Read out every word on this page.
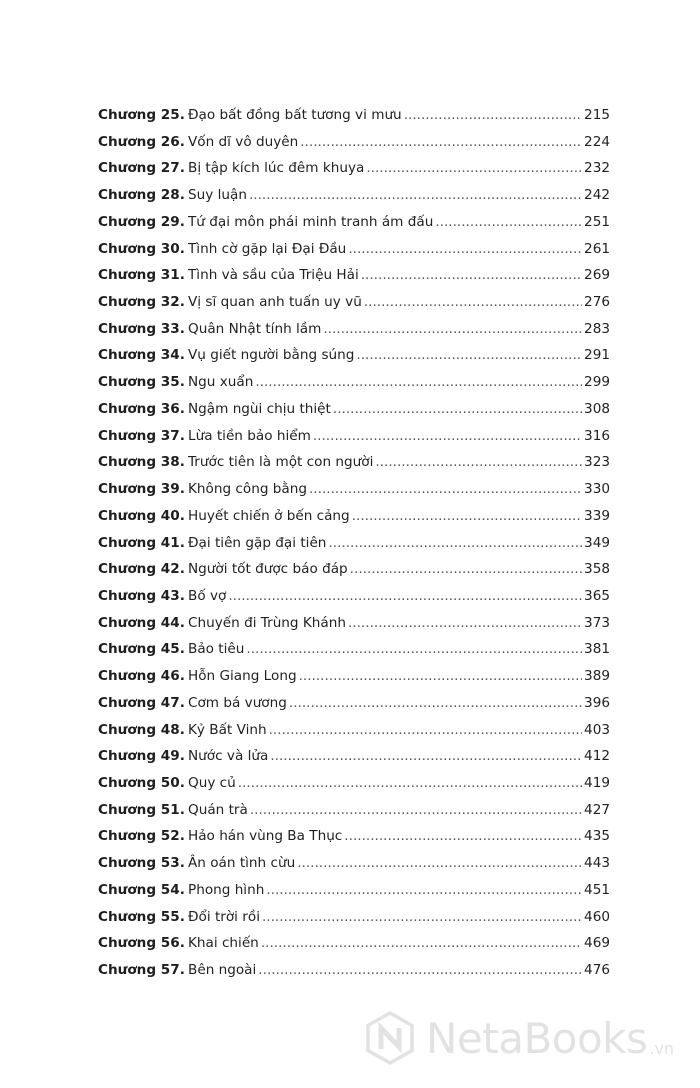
Chương 25. Đạo bất đồng bất tương vi mưu .....	215
Chương 26. Vốn dĩ vô duyên .....	224
Chương 27. Bị tập kích lúc đêm khuya .....	232
Chương 28. Suy luận .....	242
Chương 29. Tứ đại môn phái minh tranh ám đấu .....	251
Chương 30. Tình cờ gặp lại Đại Đầu .....	261
Chương 31. Tình và sầu của Triệu Hải .....	269
Chương 32. Vị sĩ quan anh tuấn uy vũ .....	276
Chương 33. Quân Nhật tính lầm .....	283
Chương 34. Vụ giết người bằng súng .....	291
Chương 35. Ngu xuẩn .....	299
Chương 36. Ngậm ngùi chịu thiệt .....	308
Chương 37. Lừa tiền bảo hiểm .....	316
Chương 38. Trước tiên là một con người .....	323
Chương 39. Không công bằng .....	330
Chương 40. Huyết chiến ở bến cảng .....	339
Chương 41. Đại tiên gặp đại tiên .....	349
Chương 42. Người tốt được báo đáp .....	358
Chương 43. Bố vợ .....	365
Chương 44. Chuyến đi Trùng Khánh .....	373
Chương 45. Bảo tiêu .....	381
Chương 46. Hỗn Giang Long .....	389
Chương 47. Cơm bá vương .....	396
Chương 48. Kỷ Bất Vinh .....	403
Chương 49. Nước và lửa .....	412
Chương 50. Quy củ .....	419
Chương 51. Quán trà .....	427
Chương 52. Hảo hán vùng Ba Thục .....	435
Chương 53. Ân oán tình cừu .....	443
Chương 54. Phong hình .....	451
Chương 55. Đổi trời rồi .....	460
Chương 56. Khai chiến .....	469
Chương 57. Bên ngoài .....	476
NetaBooks .vn
